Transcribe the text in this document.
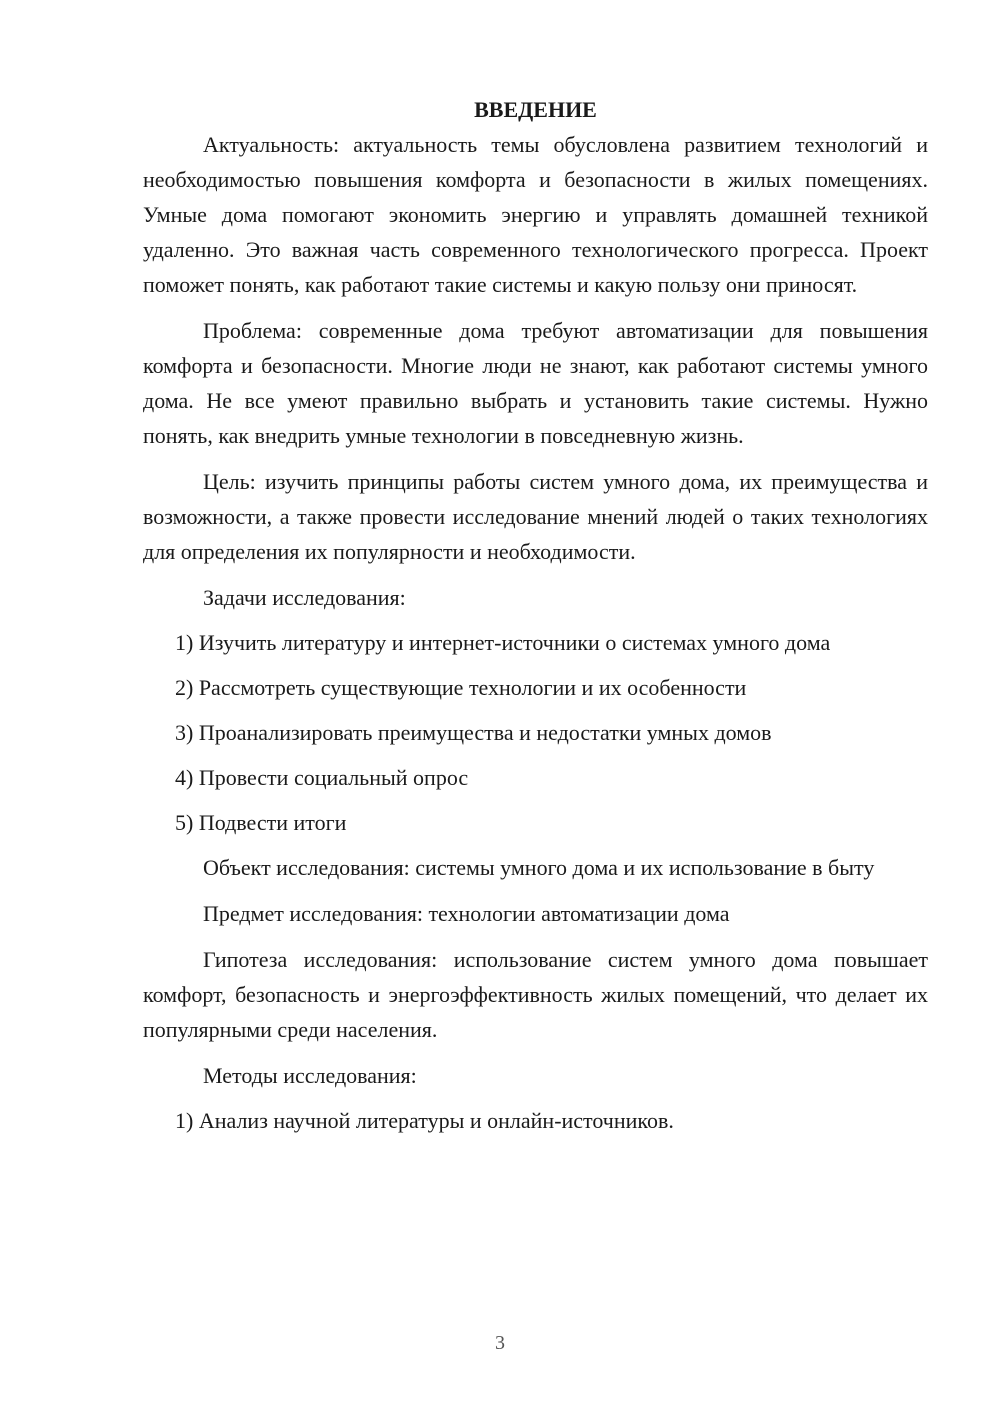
ВВЕДЕНИЕ

Актуальность: актуальность темы обусловлена развитием технологий и необходимостью повышения комфорта и безопасности в жилых помещениях. Умные дома помогают экономить энергию и управлять домашней техникой удаленно. Это важная часть современного технологического прогресса. Проект поможет понять, как работают такие системы и какую пользу они приносят.

Проблема: современные дома требуют автоматизации для повышения комфорта и безопасности. Многие люди не знают, как работают системы умного дома. Не все умеют правильно выбрать и установить такие системы. Нужно понять, как внедрить умные технологии в повседневную жизнь.

Цель: изучить принципы работы систем умного дома, их преимущества и возможности, а также провести исследование мнений людей о таких технологиях для определения их популярности и необходимости.

Задачи исследования:
1) Изучить литературу и интернет-источники о системах умного дома
2) Рассмотреть существующие технологии и их особенности
3) Проанализировать преимущества и недостатки умных домов
4) Провести социальный опрос
5) Подвести итоги

Объект исследования: системы умного дома и их использование в быту

Предмет исследования: технологии автоматизации дома

Гипотеза исследования: использование систем умного дома повышает комфорт, безопасность и энергоэффективность жилых помещений, что делает их популярными среди населения.

Методы исследования:
1) Анализ научной литературы и онлайн-источников.
3
